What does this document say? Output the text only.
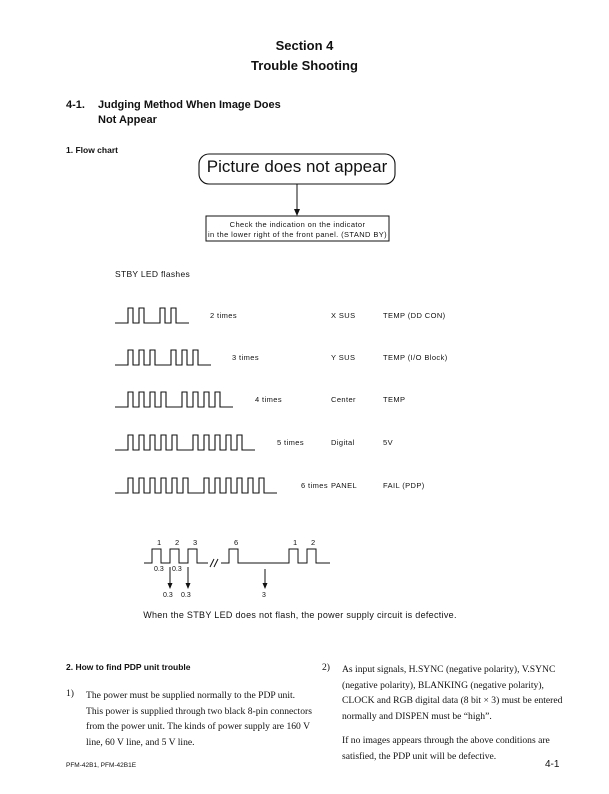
Section 4
Trouble Shooting
4-1. Judging Method When Image Does
Not Appear
1. Flow chart
Picture does not appear
Check the indication on the indicator
in the lower right of the front panel. (STAND BY)
STBY LED flashes
2 times	X SUS	TEMP (DD CON)
3 times	Y SUS	TEMP (I/O Block)
4 times	Center	TEMP
5 times	Digital	5V
6 times PANEL	FAIL (PDP)
1 2 3	6	1 2
0.3 0.3
0.3 0.3	3
When the STBY LED does not flash, the power supply circuit is defective.
2. How to find PDP unit trouble
1) The power must be supplied normally to the PDP unit. This power is supplied through two black 8-pin connectors from the power unit. The kinds of power supply are 160 V line, 60 V line, and 5 V line.
2) As input signals, H.SYNC (negative polarity), V.SYNC (negative polarity), BLANKING (negative polarity), CLOCK and RGB digital data (8 bit × 3) must be entered normally and DISPEN must be “high”.
If no images appears through the above conditions are satisfied, the PDP unit will be defective.
PFM-42B1, PFM-42B1E	4-1
